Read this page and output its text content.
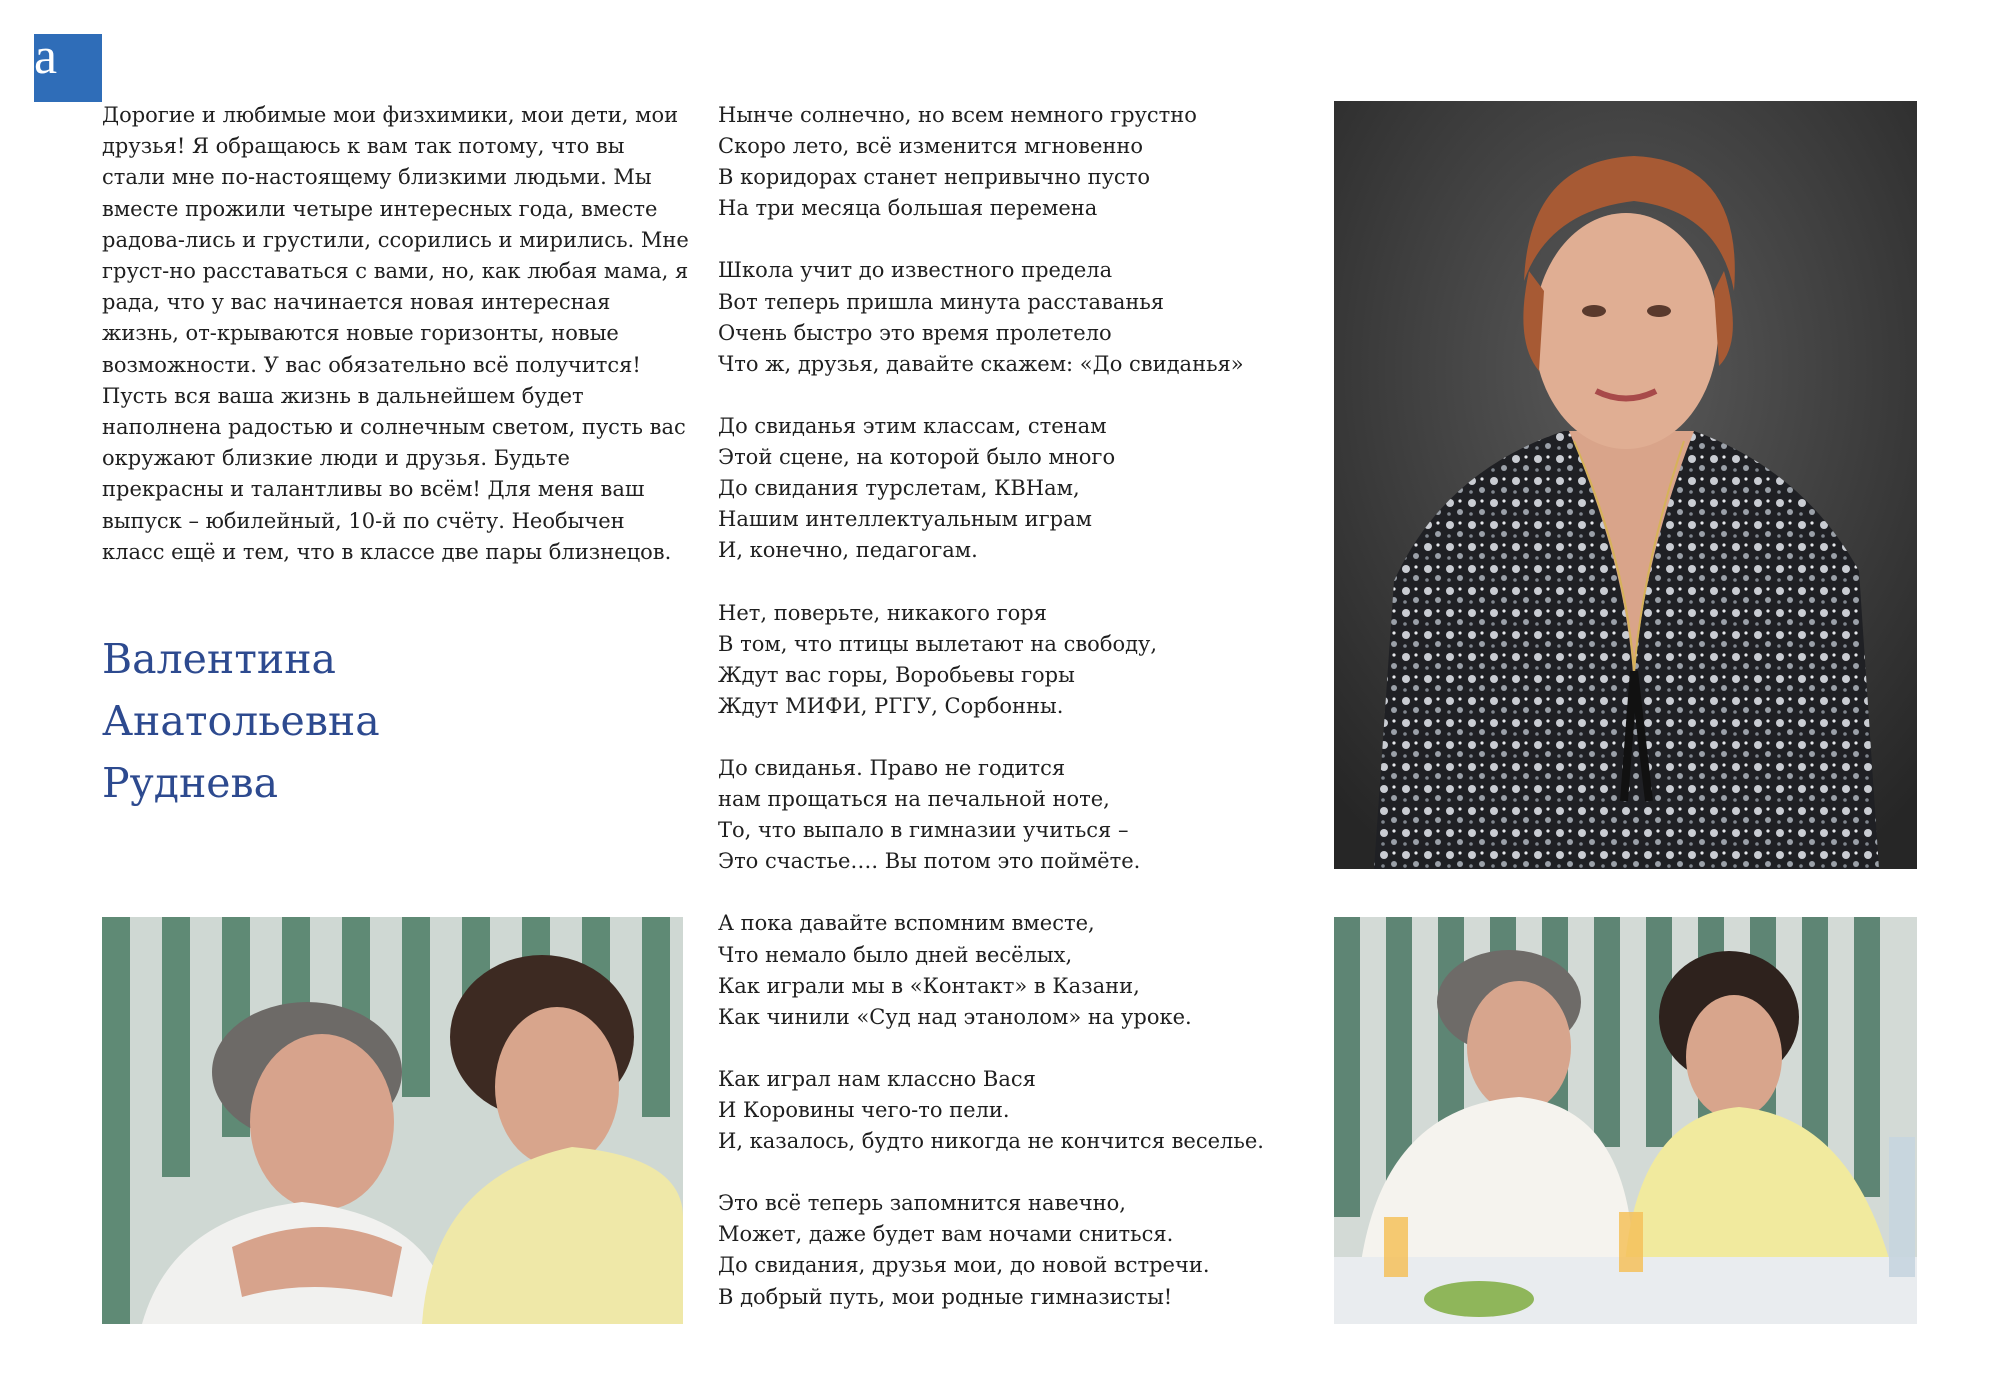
a

Дорогие и любимые мои физхимики, мои дети, мои друзья! Я обращаюсь к вам так потому, что вы стали мне по-настоящему близкими людьми. Мы вместе прожили четыре интересных года, вместе радова-лись и грустили, ссорились и мирились. Мне груст-но расставаться с вами, но, как любая мама, я рада, что у вас начинается новая интересная жизнь, от-крываются новые горизонты, новые возможности. У вас обязательно всё получится! Пусть вся ваша жизнь в дальнейшем будет наполнена радостью и солнечным светом, пусть вас окружают близкие люди и друзья. Будьте прекрасны и талантливы во всём! Для меня ваш выпуск – юбилейный, 10-й по счёту. Необычен класс ещё и тем, что в классе две пары близнецов.

Валентина
Анатольевна
Руднева
Нынче солнечно, но всем немного грустно
Скоро лето, всё изменится мгновенно
В коридорах станет непривычно пусто
На три месяца большая перемена
Школа учит до известного предела
Вот теперь пришла минута расставанья
Очень быстро это время пролетело
Что ж, друзья, давайте скажем: «До свиданья»
До свиданья этим классам, стенам
Этой сцене, на которой было много
До свидания турслетам, КВНам,
Нашим интеллектуальным играм
И, конечно, педагогам.
Нет, поверьте, никакого горя
В том, что птицы вылетают на свободу,
Ждут вас горы, Воробьевы горы
Ждут МИФИ, РГГУ, Сорбонны.
До свиданья. Право не годится
нам прощаться на печальной ноте,
То, что выпало в гимназии учиться –
Это счастье…. Вы потом это поймёте.
А пока давайте вспомним вместе,
Что немало было дней весёлых,
Как играли мы в «Контакт» в Казани,
Как чинили «Суд над этанолом» на уроке.
Как играл нам классно Вася
И Коровины чего-то пели.
И, казалось, будто никогда не кончится веселье.
Это всё теперь запомнится навечно,
Может, даже будет вам ночами сниться.
До свидания, друзья мои, до новой встречи.
В добрый путь, мои родные гимназисты!
